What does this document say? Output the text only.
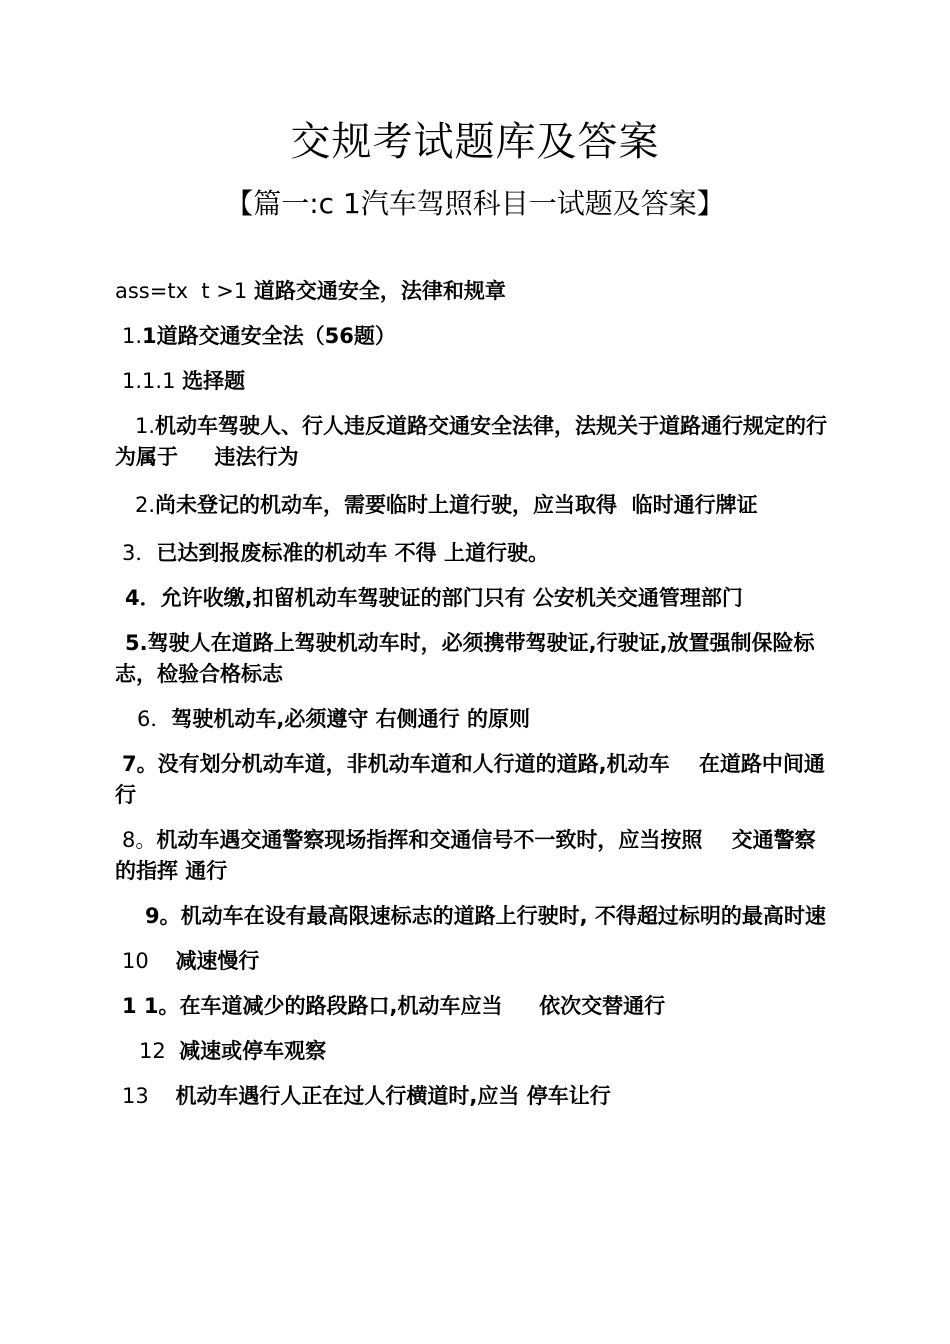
交规考试题库及答案
【篇一:c 1汽车驾照科目一试题及答案】

ass=tx  t >1 道路交通安全，法律和规章

1.1道路交通安全法（56题）

1.1.1 选择题

1.机动车驾驶人、行人违反道路交通安全法律，法规关于道路通行规定的行为属于     违法行为

2.尚未登记的机动车，需要临时上道行驶，应当取得  临时通行牌证

3．已达到报废标准的机动车 不得 上道行驶。

4．允许收缴,扣留机动车驾驶证的部门只有 公安机关交通管理部门

5.驾驶人在道路上驾驶机动车时，必须携带驾驶证,行驶证,放置强制保险标志，检验合格标志

6．驾驶机动车,必须遵守 右侧通行 的原则

7。没有划分机动车道，非机动车道和人行道的道路,机动车    在道路中间通行

8。机动车遇交通警察现场指挥和交通信号不一致时，应当按照    交通警察的指挥 通行

9。机动车在设有最高限速标志的道路上行驶时, 不得超过标明的最高时速

10    减速慢行

1 1。在车道减少的路段路口,机动车应当     依次交替通行

12  减速或停车观察

13    机动车遇行人正在过人行横道时,应当 停车让行
